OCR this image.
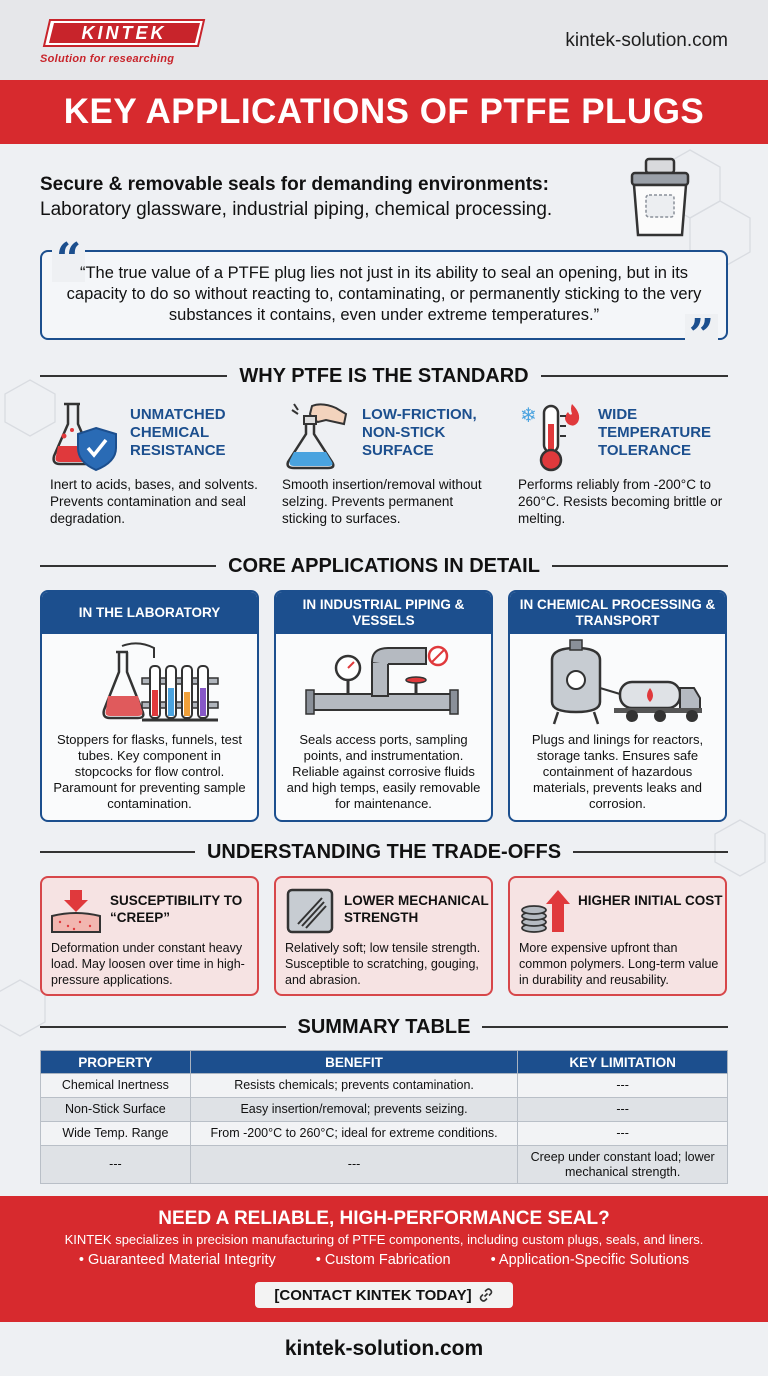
KINTEK
Solution for researching
kintek-solution.com
KEY APPLICATIONS OF PTFE PLUGS
Secure & removable seals for demanding environments:
Laboratory glassware, industrial piping, chemical processing.
“

“The true value of a PTFE plug lies not just in its ability to seal an opening, but in its capacity to do so without reacting to, contaminating, or permanently sticking to the very substances it contains, even under extreme temperatures.”	”
WHY PTFE IS THE STANDARD
UNMATCHED CHEMICAL RESISTANCE
Inert to acids, bases, and solvents. Prevents contamination and seal degradation.
LOW-FRICTION, NON-STICK SURFACE
Smooth insertion/removal without selzing. Prevents permanent sticking to surfaces.
❄	WIDE TEMPERATURE TOLERANCE
Performs reliably from -200°C to 260°C. Resists becoming brittle or melting.
CORE APPLICATIONS IN DETAIL
IN THE LABORATORY
Stoppers for flasks, funnels, test tubes. Key component in stopcocks for flow control. Paramount for preventing sample contamination.
IN INDUSTRIAL PIPING & VESSELS
Seals access ports, sampling points, and instrumentation. Reliable against corrosive fluids and high temps, easily removable for maintenance.
IN CHEMICAL PROCESSING & TRANSPORT
Plugs and linings for reactors, storage tanks. Ensures safe containment of hazardous materials, prevents leaks and corrosion.
UNDERSTANDING THE TRADE-OFFS
SUSCEPTIBILITY TO “CREEP”
Deformation under constant heavy load. May loosen over time in high-pressure applications.
LOWER MECHANICAL STRENGTH
Relatively soft; low tensile strength. Susceptible to scratching, gouging, and abrasion.
HIGHER INITIAL COST
More expensive upfront than common polymers. Long-term value in durability and reusability.
SUMMARY TABLE
PROPERTY	BENEFIT	KEY LIMITATION
Chemical Inertness	Resists chemicals; prevents contamination.	---
Non-Stick Surface	Easy insertion/removal; prevents seizing.	---
Wide Temp. Range	From -200°C to 260°C; ideal for extreme conditions.	---
---	---	Creep under constant load; lower mechanical strength.
NEED A RELIABLE, HIGH-PERFORMANCE SEAL?
KINTEK specializes in precision manufacturing of PTFE components, including custom plugs, seals, and liners.
• Guaranteed Material Integrity	• Custom Fabrication	• Application-Specific Solutions
[CONTACT KINTEK TODAY]
kintek-solution.com
